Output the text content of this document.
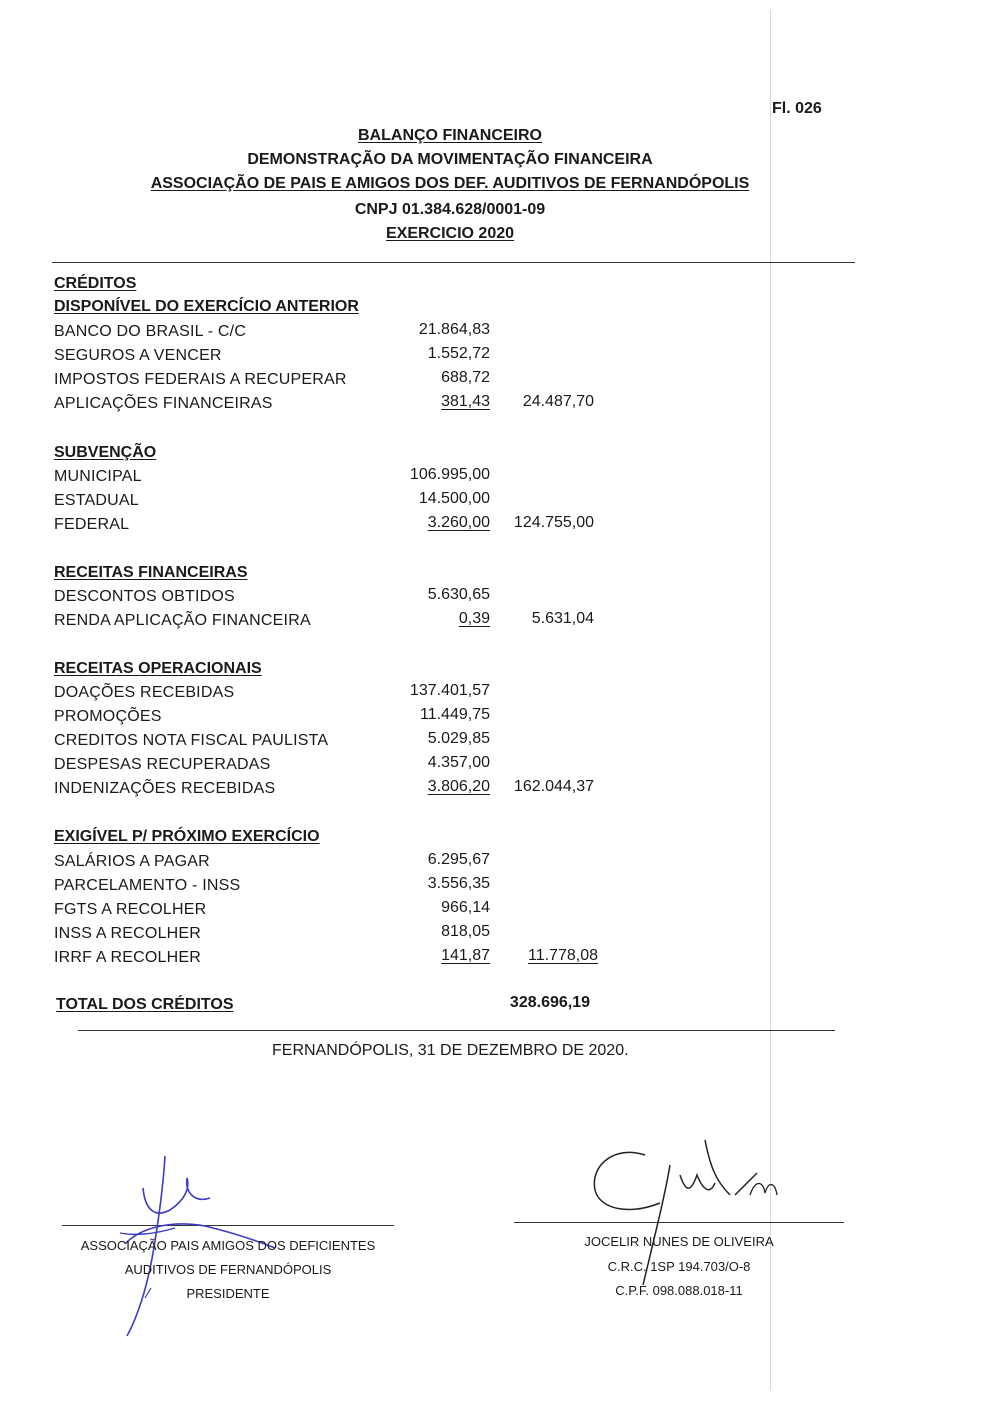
Fl. 026
BALANÇO FINANCEIRO
DEMONSTRAÇÃO DA MOVIMENTAÇÃO FINANCEIRA
ASSOCIAÇÃO DE PAIS E AMIGOS DOS DEF. AUDITIVOS DE FERNANDÓPOLIS
CNPJ 01.384.628/0001-09
EXERCICIO 2020
CRÉDITOS
DISPONÍVEL DO EXERCÍCIO ANTERIOR
BANCO DO BRASIL - C/C	21.864,83
SEGUROS A VENCER	1.552,72
IMPOSTOS FEDERAIS A RECUPERAR	688,72
APLICAÇÕES FINANCEIRAS	381,43	24.487,70
SUBVENÇÃO
MUNICIPAL	106.995,00
ESTADUAL	14.500,00
FEDERAL	3.260,00	124.755,00
RECEITAS FINANCEIRAS
DESCONTOS OBTIDOS	5.630,65
RENDA APLICAÇÃO FINANCEIRA	0,39	5.631,04
RECEITAS OPERACIONAIS
DOAÇÕES RECEBIDAS	137.401,57
PROMOÇÕES	11.449,75
CREDITOS NOTA FISCAL PAULISTA	5.029,85
DESPESAS RECUPERADAS	4.357,00
INDENIZAÇÕES RECEBIDAS	3.806,20	162.044,37
EXIGÍVEL P/ PRÓXIMO EXERCÍCIO
SALÁRIOS A PAGAR	6.295,67
PARCELAMENTO - INSS	3.556,35
FGTS A RECOLHER	966,14
INSS A RECOLHER	818,05
IRRF A RECOLHER	141,87	11.778,08
TOTAL DOS CRÉDITOS	328.696,19
FERNANDÓPOLIS, 31 DE DEZEMBRO DE 2020.
ASSOCIAÇÃO PAIS AMIGOS DOS DEFICIENTES
AUDITIVOS DE FERNANDÓPOLIS
PRESIDENTE
JOCELIR NUNES DE OLIVEIRA
C.R.C. 1SP 194.703/O-8
C.P.F. 098.088.018-11
